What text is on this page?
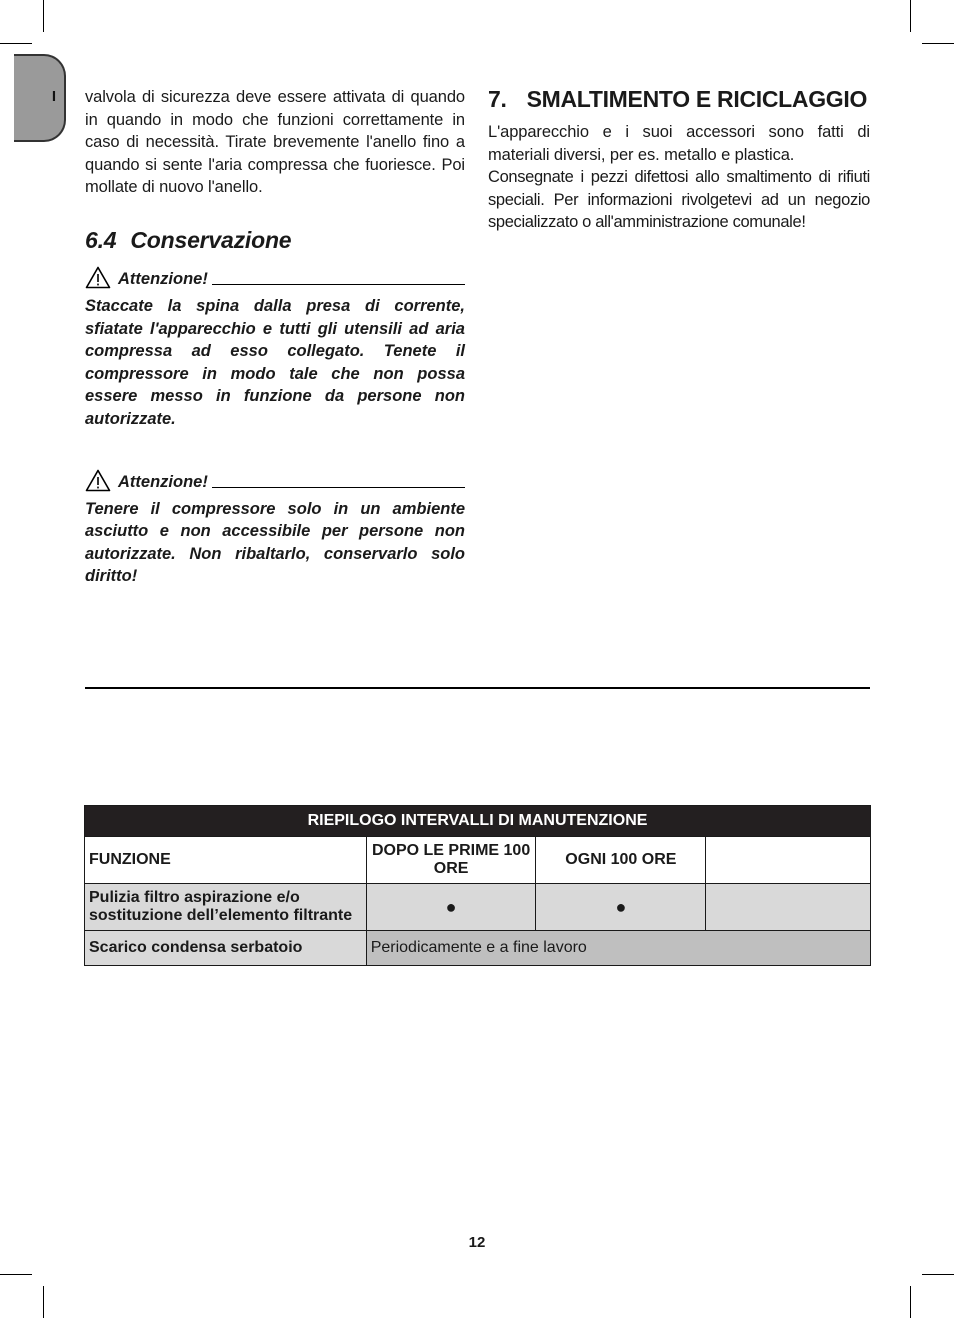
I valvola di sicurezza deve essere attivata di quando in quando in modo che funzioni correttamente in caso di necessità. Tirate brevemente l'anello fino a quando si sente l'aria compressa che fuoriesce. Poi mollate di nuovo l'anello.

6.4 Conservazione
Attenzione!

Staccate la spina dalla presa di corrente, sfiatate l'apparecchio e tutti gli utensili ad aria compressa ad esso collegato. Tenete il compressore in modo tale che non possa essere messo in funzione da persone non autorizzate.

Attenzione!

Tenere il compressore solo in un ambiente asciutto e non accessibile per persone non autorizzate. Non ribaltarlo, conservarlo solo diritto!

7. SMALTIMENTO E RICICLAGGIO

L'apparecchio e i suoi accessori sono fatti di materiali diversi, per es. metallo e plastica.

Consegnate i pezzi difettosi allo smaltimento di rifiuti speciali. Per informazioni rivolgetevi ad un negozio specializzato o all'amministrazione comunale!

RIEPILOGO INTERVALLI DI MANUTENZIONE			
FUNZIONE	DOPO LE PRIME 100 ORE	OGNI 100 ORE	
Pulizia filtro aspirazione e/o sostituzione dell’elemento filtrante	●	●	
Scarico condensa serbatoio	Periodicamente e a fine lavoro		
12
